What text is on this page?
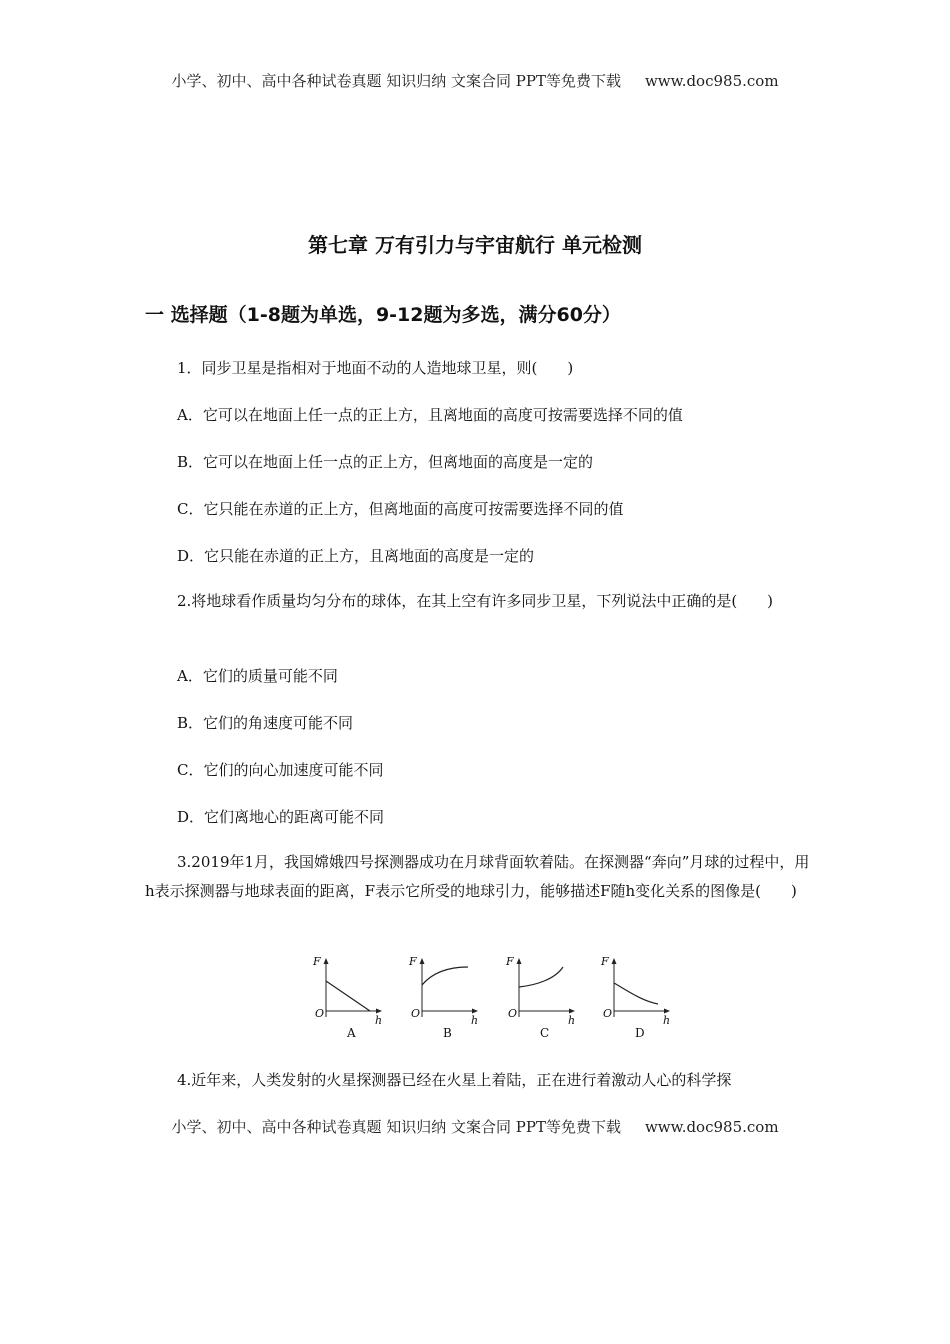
小学、初中、高中各种试卷真题 知识归纳 文案合同 PPT等免费下载 www.doc985.com
第七章 万有引力与宇宙航行 单元检测
一 选择题（1-8题为单选，9-12题为多选，满分60分）
1．同步卫星是指相对于地面不动的人造地球卫星，则(　　)
A．它可以在地面上任一点的正上方，且离地面的高度可按需要选择不同的值
B．它可以在地面上任一点的正上方，但离地面的高度是一定的
C．它只能在赤道的正上方，但离地面的高度可按需要选择不同的值
D．它只能在赤道的正上方，且离地面的高度是一定的
2.将地球看作质量均匀分布的球体，在其上空有许多同步卫星，下列说法中正确的是(　　)
A．它们的质量可能不同
B．它们的角速度可能不同
C．它们的向心加速度可能不同
D．它们离地心的距离可能不同
3.2019年1月，我国嫦娥四号探测器成功在月球背面软着陆。在探测器“奔向”月球的过程中，用h表示探测器与地球表面的距离，F表示它所受的地球引力，能够描述F随h变化关系的图像是(　　)
F
O
h
A
F
O
h
B
F
O
h
C
F
O
h
D
4.近年来，人类发射的火星探测器已经在火星上着陆，正在进行着激动人心的科学探
小学、初中、高中各种试卷真题 知识归纳 文案合同 PPT等免费下载 www.doc985.com
